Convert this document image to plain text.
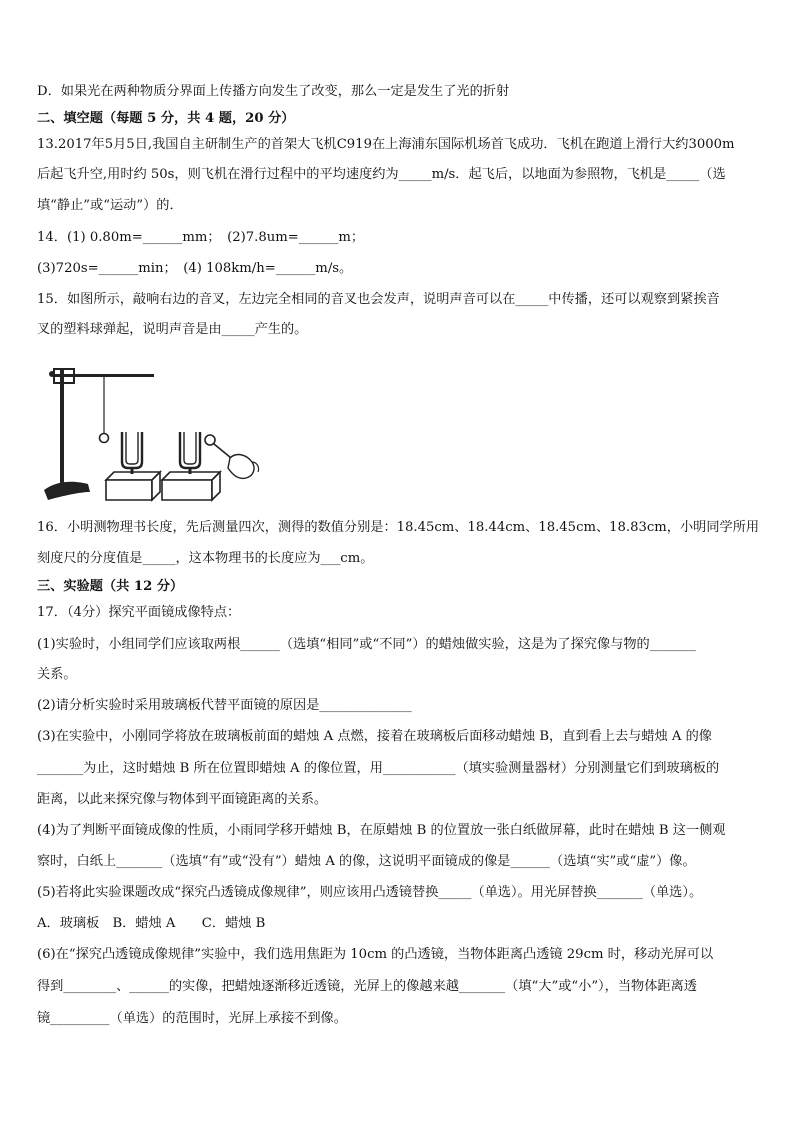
D．如果光在两种物质分界面上传播方向发生了改变，那么一定是发生了光的折射
二、填空题（每题 5 分，共 4 题，20 分）
13.2017年5月5日,我国自主研制生产的首架大飞机C919在上海浦东国际机场首飞成功．飞机在跑道上滑行大约3000m
后起飞升空,用时约 50s，则飞机在滑行过程中的平均速度约为_____m/s．起飞后，以地面为参照物，飞机是_____（选
填“静止”或“运动”）的．
14．(1) 0.80m=______mm；　(2)7.8um=______m；
(3)720s=______min；　(4) 108km/h=______m/s。
15．如图所示，敲响右边的音叉，左边完全相同的音叉也会发声，说明声音可以在_____中传播，还可以观察到紧挨音
叉的塑料球弹起，说明声音是由_____产生的。
16．小明测物理书长度，先后测量四次，测得的数值分别是：18.45cm、18.44cm、18.45cm、18.83cm，小明同学所用
刻度尺的分度值是_____，这本物理书的长度应为___cm。
三、实验题（共 12 分）
17．（4分）探究平面镜成像特点：
(1)实验时，小组同学们应该取两根______（选填“相同”或“不同”）的蜡烛做实验，这是为了探究像与物的_______
关系。
(2)请分析实验时采用玻璃板代替平面镜的原因是______________
(3)在实验中，小刚同学将放在玻璃板前面的蜡烛 A 点燃，接着在玻璃板后面移动蜡烛 B，直到看上去与蜡烛 A 的像
_______为止，这时蜡烛 B 所在位置即蜡烛 A 的像位置，用___________（填实验测量器材）分别测量它们到玻璃板的
距离，以此来探究像与物体到平面镜距离的关系。
(4)为了判断平面镜成像的性质，小雨同学移开蜡烛 B，在原蜡烛 B 的位置放一张白纸做屏幕，此时在蜡烛 B 这一侧观
察时，白纸上_______（选填“有”或“没有”）蜡烛 A 的像，这说明平面镜成的像是______（选填“实”或“虚”）像。
(5)若将此实验课题改成“探究凸透镜成像规律”，则应该用凸透镜替换_____（单选）。用光屏替换_______（单选）。
A．玻璃板　B．蜡烛 A　　C．蜡烛 B
(6)在“探究凸透镜成像规律”实验中，我们选用焦距为 10cm 的凸透镜，当物体距离凸透镜 29cm 时，移动光屏可以
得到________、______的实像，把蜡烛逐渐移近透镜，光屏上的像越来越_______（填“大”或“小”），当物体距离透
镜_________（单选）的范围时，光屏上承接不到像。
